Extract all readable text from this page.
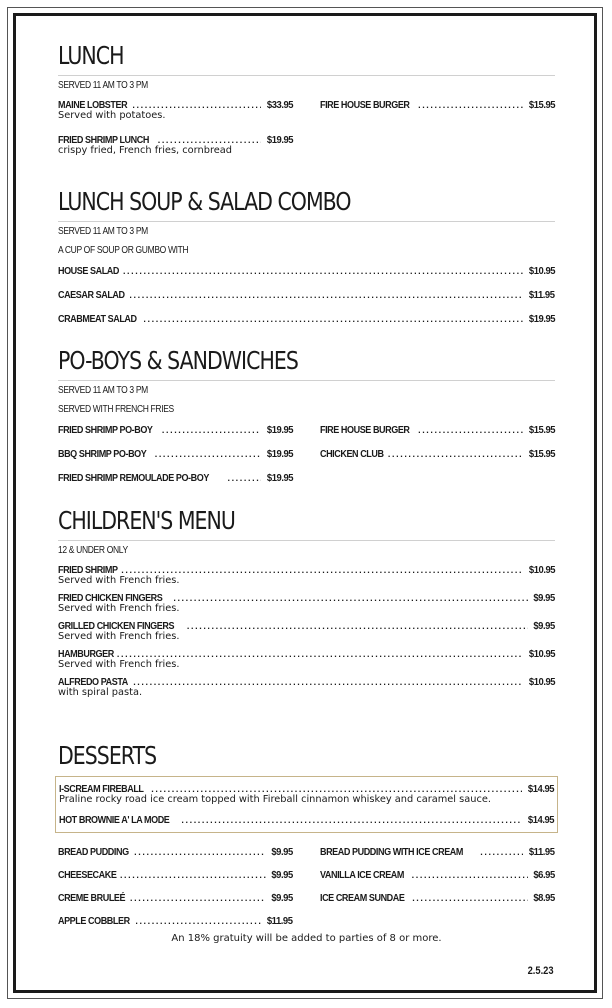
LUNCH
SERVED 11 AM TO 3 PM
MAINE LOBSTER .....	$33.95
Served with potatoes.
FRIED SHRIMP LUNCH .....	$19.95
crispy fried, French fries, cornbread
FIRE HOUSE BURGER .....	$15.95
LUNCH SOUP & SALAD COMBO
SERVED 11 AM TO 3 PM
A CUP OF SOUP OR GUMBO WITH
HOUSE SALAD .....	$10.95
CAESAR SALAD .....	$11.95
CRABMEAT SALAD .....	$19.95
PO-BOYS & SANDWICHES
SERVED 11 AM TO 3 PM
SERVED WITH FRENCH FRIES
FRIED SHRIMP PO-BOY .....	$19.95
BBQ SHRIMP PO-BOY .....	$19.95
FRIED SHRIMP REMOULADE PO-BOY .....	$19.95
FIRE HOUSE BURGER .....	$15.95
CHICKEN CLUB .....	$15.95
CHILDREN'S MENU
12 & UNDER ONLY
FRIED SHRIMP .....	$10.95
Served with French fries.
FRIED CHICKEN FINGERS .....	$9.95
Served with French fries.
GRILLED CHICKEN FINGERS .....	$9.95
Served with French fries.
HAMBURGER .....	$10.95
Served with French fries.
ALFREDO PASTA .....	$10.95
with spiral pasta.
DESSERTS
I-SCREAM FIREBALL .....	$14.95
Praline rocky road ice cream topped with Fireball cinnamon whiskey and caramel sauce.
HOT BROWNIE A' LA MODE .....	$14.95
BREAD PUDDING .....	$9.95
CHEESECAKE .....	$9.95
CREME BRULEÉ .....	$9.95
APPLE COBBLER .....	$11.95
BREAD PUDDING WITH ICE CREAM .....	$11.95
VANILLA ICE CREAM .....	$6.95
ICE CREAM SUNDAE .....	$8.95
An 18% gratuity will be added to parties of 8 or more.
2.5.23
